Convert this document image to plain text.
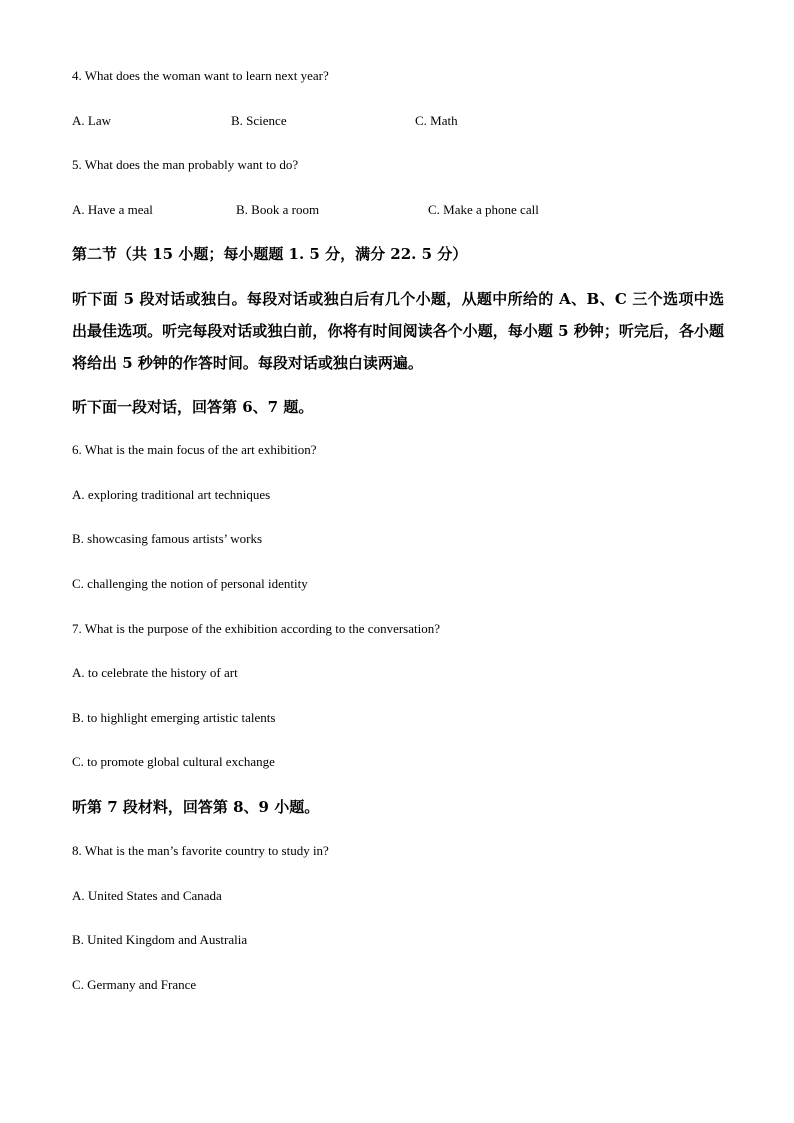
4. What does the woman want to learn next year?
A. Law	B. Science	C. Math
5. What does the man probably want to do?
A. Have a meal	B. Book a room	C. Make a phone call
第二节（共 15 小题；每小题题 1. 5 分，满分 22. 5 分）
听下面 5 段对话或独白。每段对话或独白后有几个小题，从题中所给的 A、B、C 三个选项中选出最佳选项。听完每段对话或独白前，你将有时间阅读各个小题，每小题 5 秒钟；听完后，各小题将给出 5 秒钟的作答时间。每段对话或独白读两遍。
听下面一段对话，回答第 6、7 题。
6. What is the main focus of the art exhibition?
A. exploring traditional art techniques
B. showcasing famous artists’ works
C. challenging the notion of personal identity
7. What is the purpose of the exhibition according to the conversation?
A. to celebrate the history of art
B. to highlight emerging artistic talents
C. to promote global cultural exchange
听第 7 段材料，回答第 8、9 小题。
8. What is the man’s favorite country to study in?
A. United States and Canada
B. United Kingdom and Australia
C. Germany and France
